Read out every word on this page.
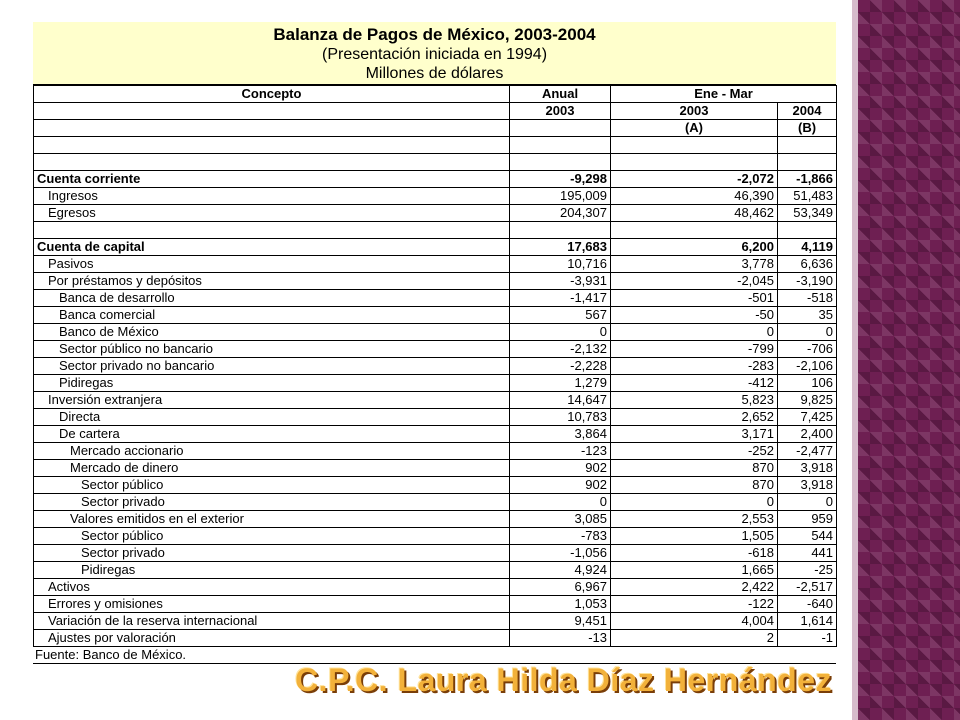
Balanza de Pagos de México, 2003-2004
(Presentación iniciada en 1994)
Millones de dólares
Concepto	Anual	Ene - Mar	
	2003	2003	2004
		(A)	(B)

Cuenta corriente	-9,298	-2,072	-1,866
Ingresos	195,009	46,390	51,483
Egresos	204,307	48,462	53,349

Cuenta de capital	17,683	6,200	4,119
Pasivos	10,716	3,778	6,636
Por préstamos y depósitos	-3,931	-2,045	-3,190
Banca de desarrollo	-1,417	-501	-518
Banca comercial	567	-50	35
Banco de México	0	0	0
Sector público no bancario	-2,132	-799	-706
Sector privado no bancario	-2,228	-283	-2,106
Pidiregas	1,279	-412	106
Inversión extranjera	14,647	5,823	9,825
Directa	10,783	2,652	7,425
De cartera	3,864	3,171	2,400
Mercado accionario	-123	-252	-2,477
Mercado de dinero	902	870	3,918
Sector público	902	870	3,918
Sector privado	0	0	0
Valores emitidos en el exterior	3,085	2,553	959
Sector público	-783	1,505	544
Sector privado	-1,056	-618	441
Pidiregas	4,924	1,665	-25
Activos	6,967	2,422	-2,517
Errores y omisiones	1,053	-122	-640
Variación de la reserva internacional	9,451	4,004	1,614
Ajustes por valoración	-13	2	-1
Fuente: Banco de México.
C.P.C. Laura Hilda Díaz Hernández
